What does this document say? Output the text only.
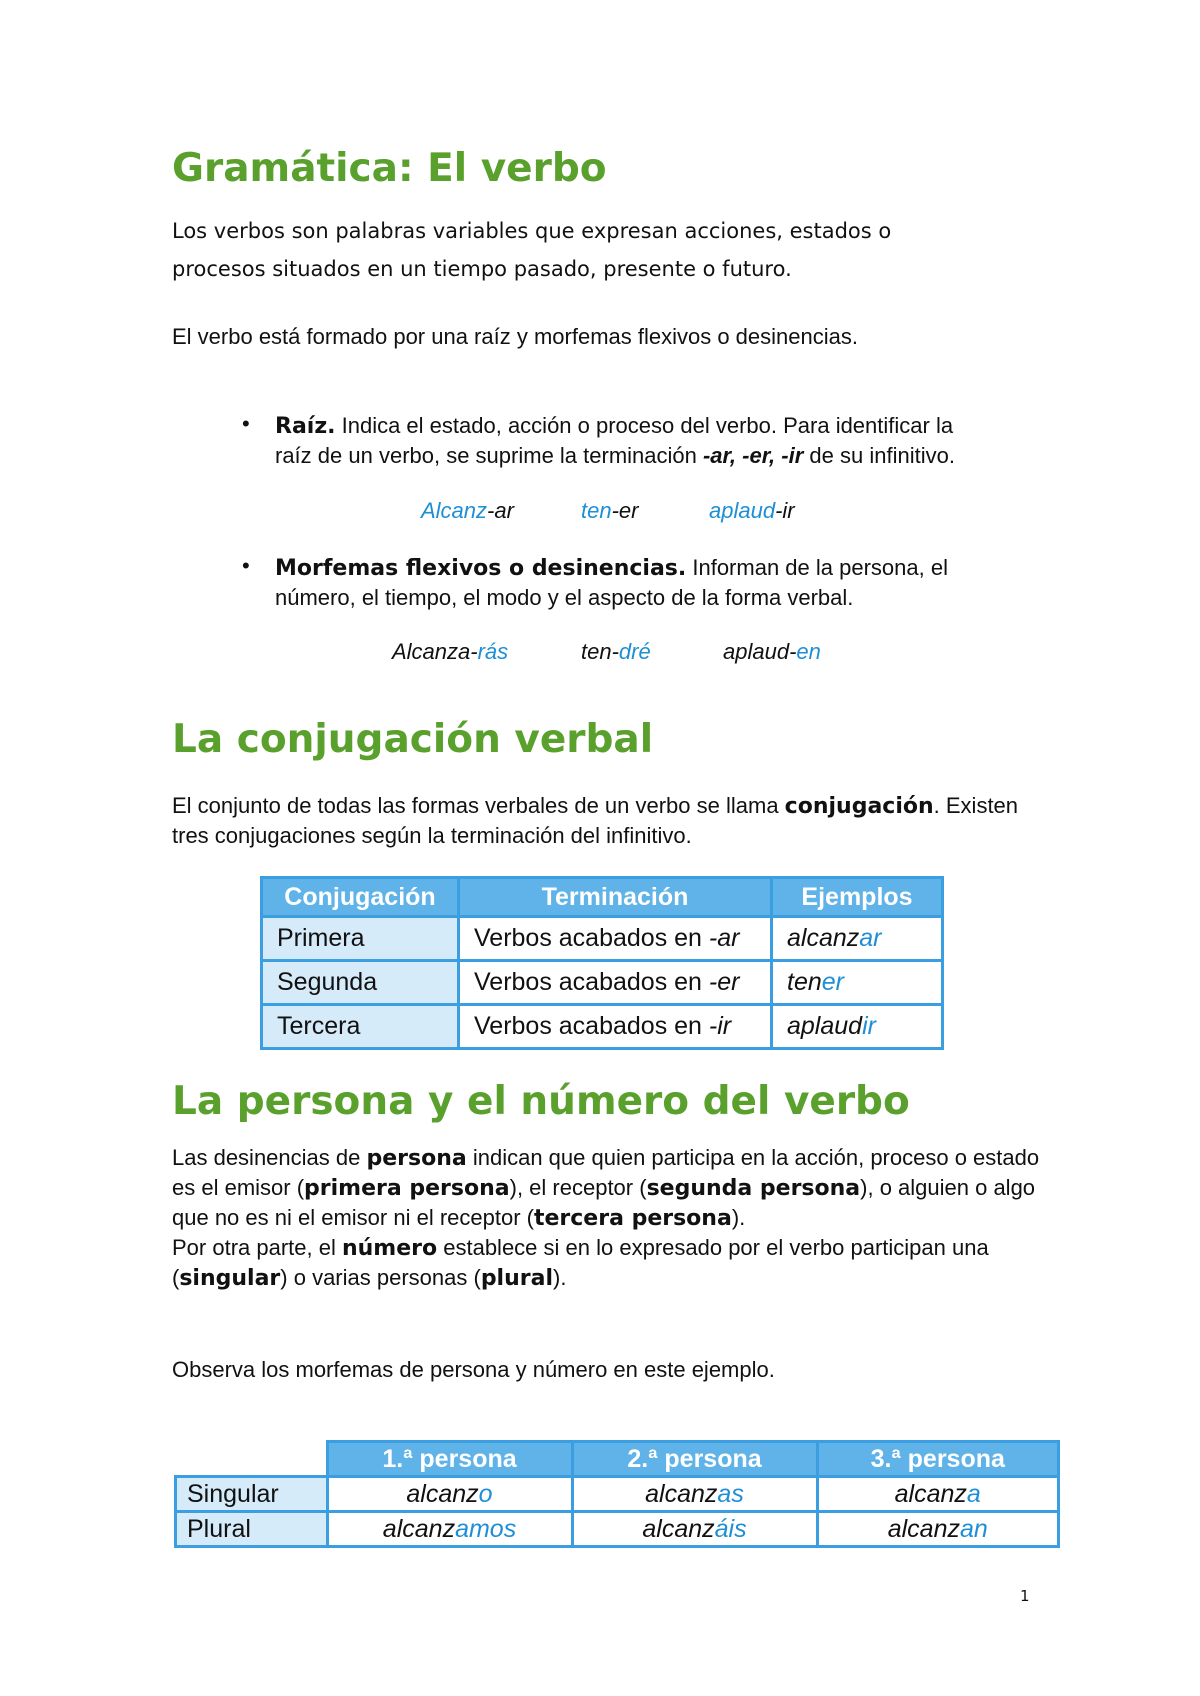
Gramática: El verbo
Los verbos son palabras variables que expresan acciones, estados o procesos situados en un tiempo pasado, presente o futuro.
El verbo está formado por una raíz y morfemas flexivos o desinencias.
• Raíz. Indica el estado, acción o proceso del verbo. Para identificar la raíz de un verbo, se suprime la terminación -ar, -er, -ir de su infinitivo.
Alcanz-ar	ten-er	aplaud-ir
• Morfemas flexivos o desinencias. Informan de la persona, el número, el tiempo, el modo y el aspecto de la forma verbal.
Alcanza-rás	ten-dré	aplaud-en
La conjugación verbal
El conjunto de todas las formas verbales de un verbo se llama conjugación. Existen tres conjugaciones según la terminación del infinitivo.
Conjugación	Terminación	Ejemplos
Primera	Verbos acabados en -ar	alcanzar
Segunda	Verbos acabados en -er	tener
Tercera	Verbos acabados en -ir	aplaudir
La persona y el número del verbo
Las desinencias de persona indican que quien participa en la acción, proceso o estado es el emisor (primera persona), el receptor (segunda persona), o alguien o algo que no es ni el emisor ni el receptor (tercera persona).
Por otra parte, el número establece si en lo expresado por el verbo participan una (singular) o varias personas (plural).
Observa los morfemas de persona y número en este ejemplo.
	1.ª persona	2.ª persona	3.ª persona
Singular	alcanzo	alcanzas	alcanza
Plural	alcanzamos	alcanzáis	alcanzan
1
